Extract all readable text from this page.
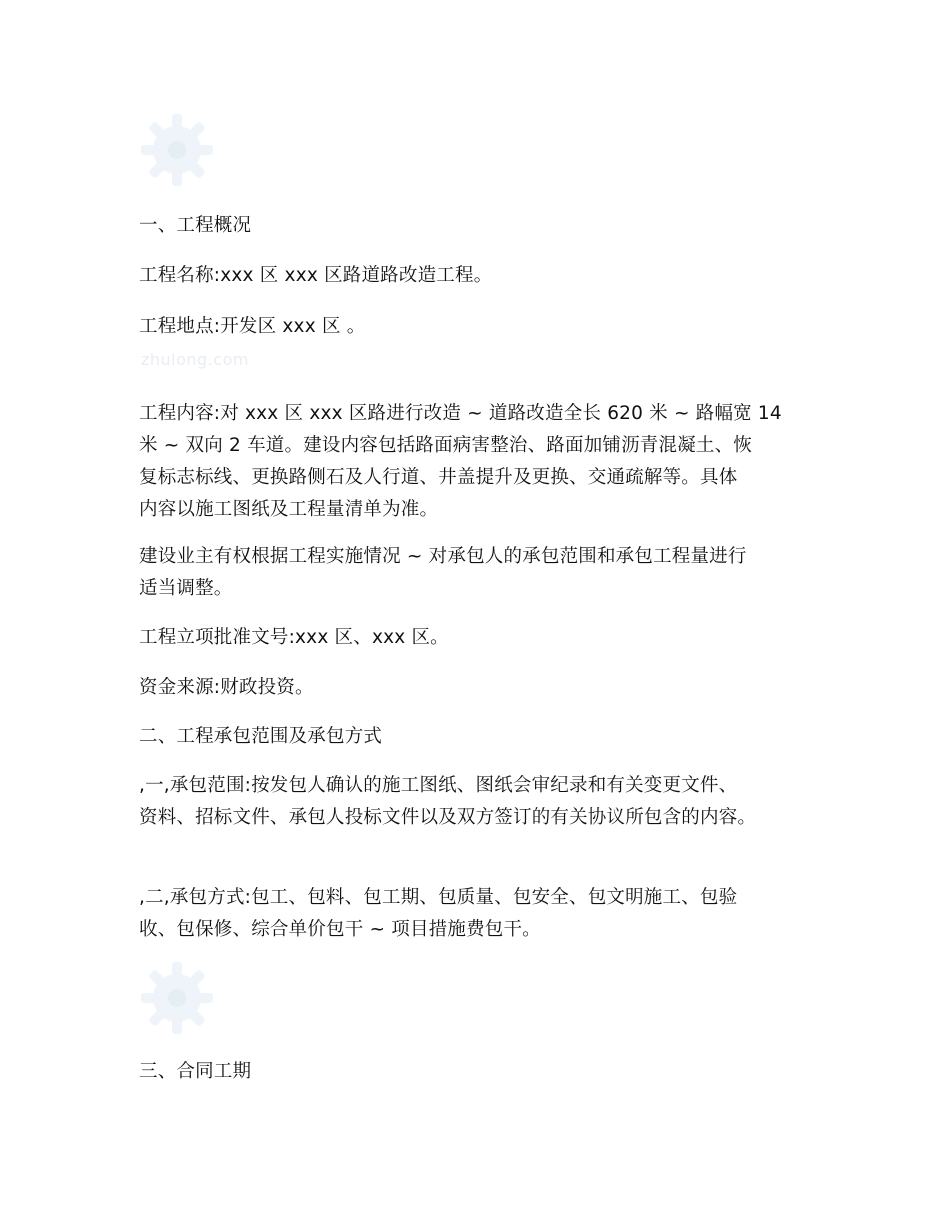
一、工程概况
工程名称:xxx 区 xxx 区路道路改造工程。
工程地点:开发区 xxx 区 。
zhulong.com
工程内容:对 xxx 区 xxx 区路进行改造 ~ 道路改造全长 620 米 ~ 路幅宽 14
米 ~ 双向 2 车道。建设内容包括路面病害整治、路面加铺沥青混凝土、恢
复标志标线、更换路侧石及人行道、井盖提升及更换、交通疏解等。具体
内容以施工图纸及工程量清单为准。
建设业主有权根据工程实施情况 ~ 对承包人的承包范围和承包工程量进行
适当调整。
工程立项批准文号:xxx 区、xxx 区。
资金来源:财政投资。
二、工程承包范围及承包方式
,一,承包范围:按发包人确认的施工图纸、图纸会审纪录和有关变更文件、
资料、招标文件、承包人投标文件以及双方签订的有关协议所包含的内容。
,二,承包方式:包工、包料、包工期、包质量、包安全、包文明施工、包验
收、包保修、综合单价包干 ~ 项目措施费包干。
三、合同工期
